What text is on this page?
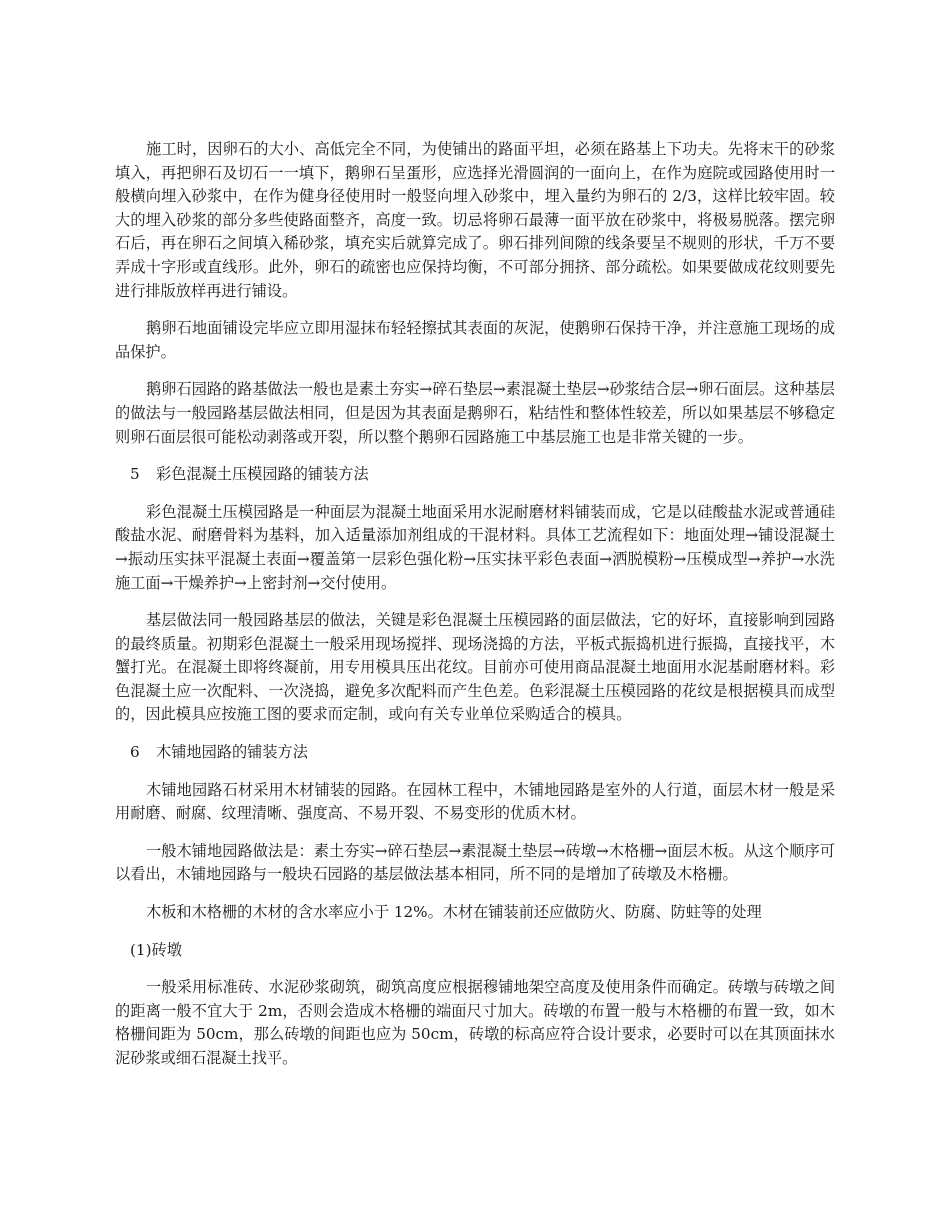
施工时，因卵石的大小、高低完全不同，为使铺出的路面平坦，必须在路基上下功夫。先将末干的砂浆填入，再把卵石及切石一一填下，鹅卵石呈蛋形，应选择光滑圆润的一面向上，在作为庭院或园路使用时一般横向埋入砂浆中，在作为健身径使用时一般竖向埋入砂浆中，埋入量约为卵石的 2/3，这样比较牢固。较大的埋入砂浆的部分多些使路面整齐，高度一致。切忌将卵石最薄一面平放在砂浆中，将极易脱落。摆完卵石后，再在卵石之间填入稀砂浆，填充实后就算完成了。卵石排列间隙的线条要呈不规则的形状，千万不要弄成十字形或直线形。此外，卵石的疏密也应保持均衡，不可部分拥挤、部分疏松。如果要做成花纹则要先进行排版放样再进行铺设。

鹅卵石地面铺设完毕应立即用湿抹布轻轻擦拭其表面的灰泥，使鹅卵石保持干净，并注意施工现场的成品保护。

鹅卵石园路的路基做法一般也是素土夯实→碎石垫层→素混凝土垫层→砂浆结合层→卵石面层。这种基层的做法与一般园路基层做法相同，但是因为其表面是鹅卵石，粘结性和整体性较差，所以如果基层不够稳定则卵石面层很可能松动剥落或开裂，所以整个鹅卵石园路施工中基层施工也是非常关键的一步。

5 彩色混凝土压模园路的铺装方法

彩色混凝土压模园路是一种面层为混凝土地面采用水泥耐磨材料铺装而成，它是以硅酸盐水泥或普通硅酸盐水泥、耐磨骨料为基料，加入适量添加剂组成的干混材料。具体工艺流程如下：地面处理→铺设混凝土→振动压实抹平混凝土表面→覆盖第一层彩色强化粉→压实抹平彩色表面→洒脱模粉→压模成型→养护→水洗施工面→干燥养护→上密封剂→交付使用。

基层做法同一般园路基层的做法，关键是彩色混凝土压模园路的面层做法，它的好坏，直接影响到园路的最终质量。初期彩色混凝土一般采用现场搅拌、现场浇捣的方法，平板式振捣机进行振捣，直接找平，木蟹打光。在混凝土即将终凝前，用专用模具压出花纹。目前亦可使用商品混凝土地面用水泥基耐磨材料。彩色混凝土应一次配料、一次浇捣，避免多次配料而产生色差。色彩混凝土压模园路的花纹是根据模具而成型的，因此模具应按施工图的要求而定制，或向有关专业单位采购适合的模具。

6 木铺地园路的铺装方法

木铺地园路石材采用木材铺装的园路。在园林工程中，木铺地园路是室外的人行道，面层木材一般是采用耐磨、耐腐、纹理清晰、强度高、不易开裂、不易变形的优质木材。

一般木铺地园路做法是：素土夯实→碎石垫层→素混凝土垫层→砖墩→木格栅→面层木板。从这个顺序可以看出，木铺地园路与一般块石园路的基层做法基本相同，所不同的是增加了砖墩及木格栅。

木板和木格栅的木材的含水率应小于 12%。木材在铺装前还应做防火、防腐、防蛀等的处理

(1)砖墩

一般采用标准砖、水泥砂浆砌筑，砌筑高度应根据穆铺地架空高度及使用条件而确定。砖墩与砖墩之间的距离一般不宜大于 2m，否则会造成木格栅的端面尺寸加大。砖墩的布置一般与木格栅的布置一致，如木格栅间距为 50cm，那么砖墩的间距也应为 50cm，砖墩的标高应符合设计要求，必要时可以在其顶面抹水泥砂浆或细石混凝土找平。
